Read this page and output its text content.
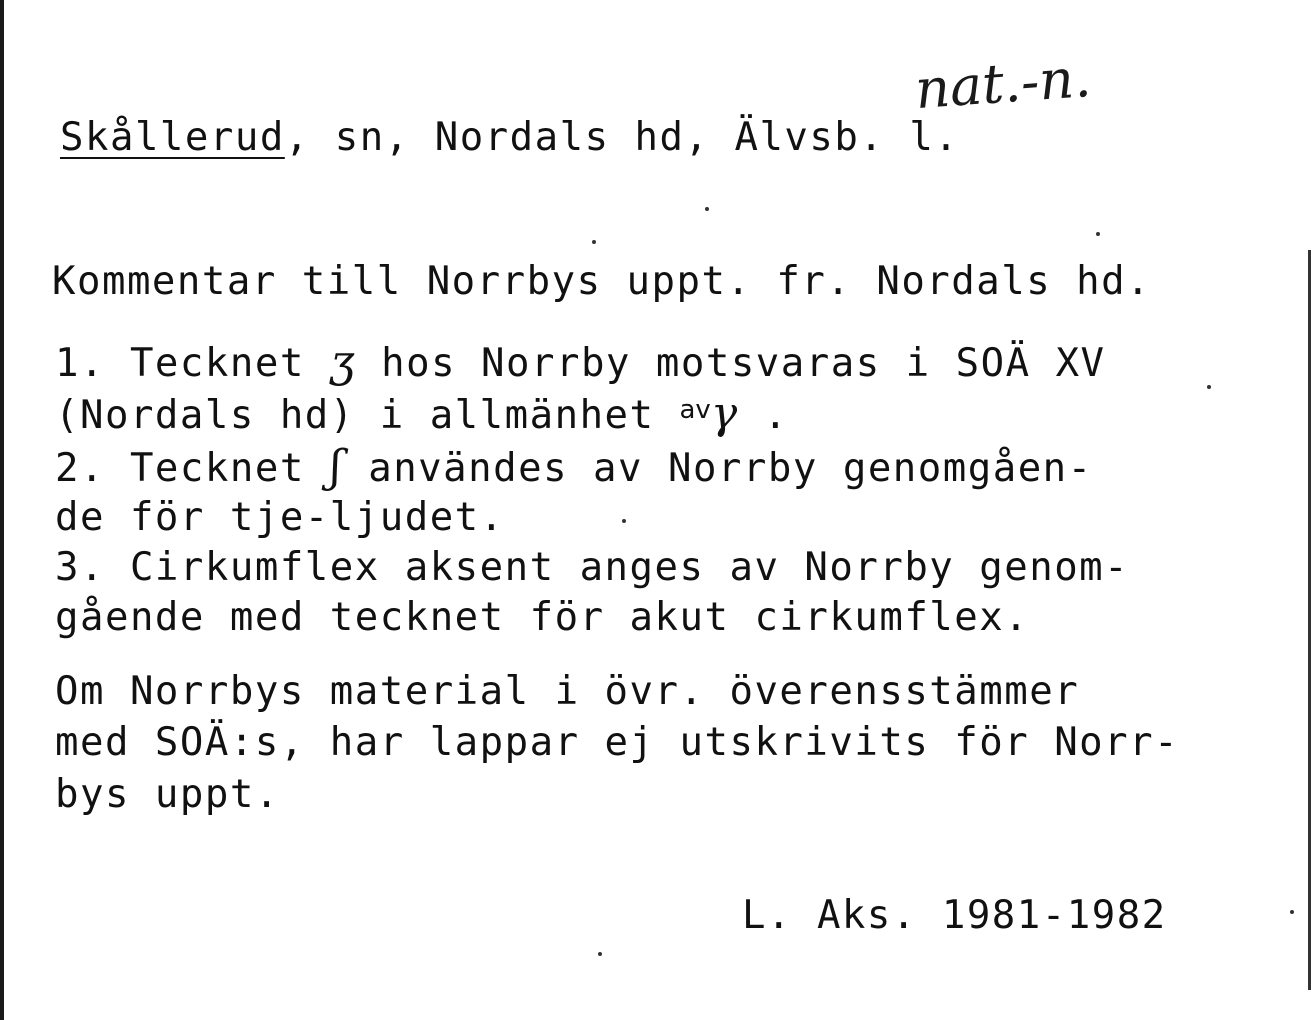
nat.-n.
Skållerud, sn, Nordals hd, Älvsb. l.
Kommentar till Norrbys uppt. fr. Nordals hd.
1. Tecknet ʒ hos Norrby motsvaras i SOÄ XV
(Nordals hd) i allmänhet $^{av}$γ .
2. Tecknet ʃ användes av Norrby genomgåen-
de för tje-ljudet.
3. Cirkumflex aksent anges av Norrby genom-
gående med tecknet för akut cirkumflex.
Om Norrbys material i övr. överensstämmer
med SOÄ:s, har lappar ej utskrivits för Norr-
bys uppt.
L. Aks. 1981-1982
